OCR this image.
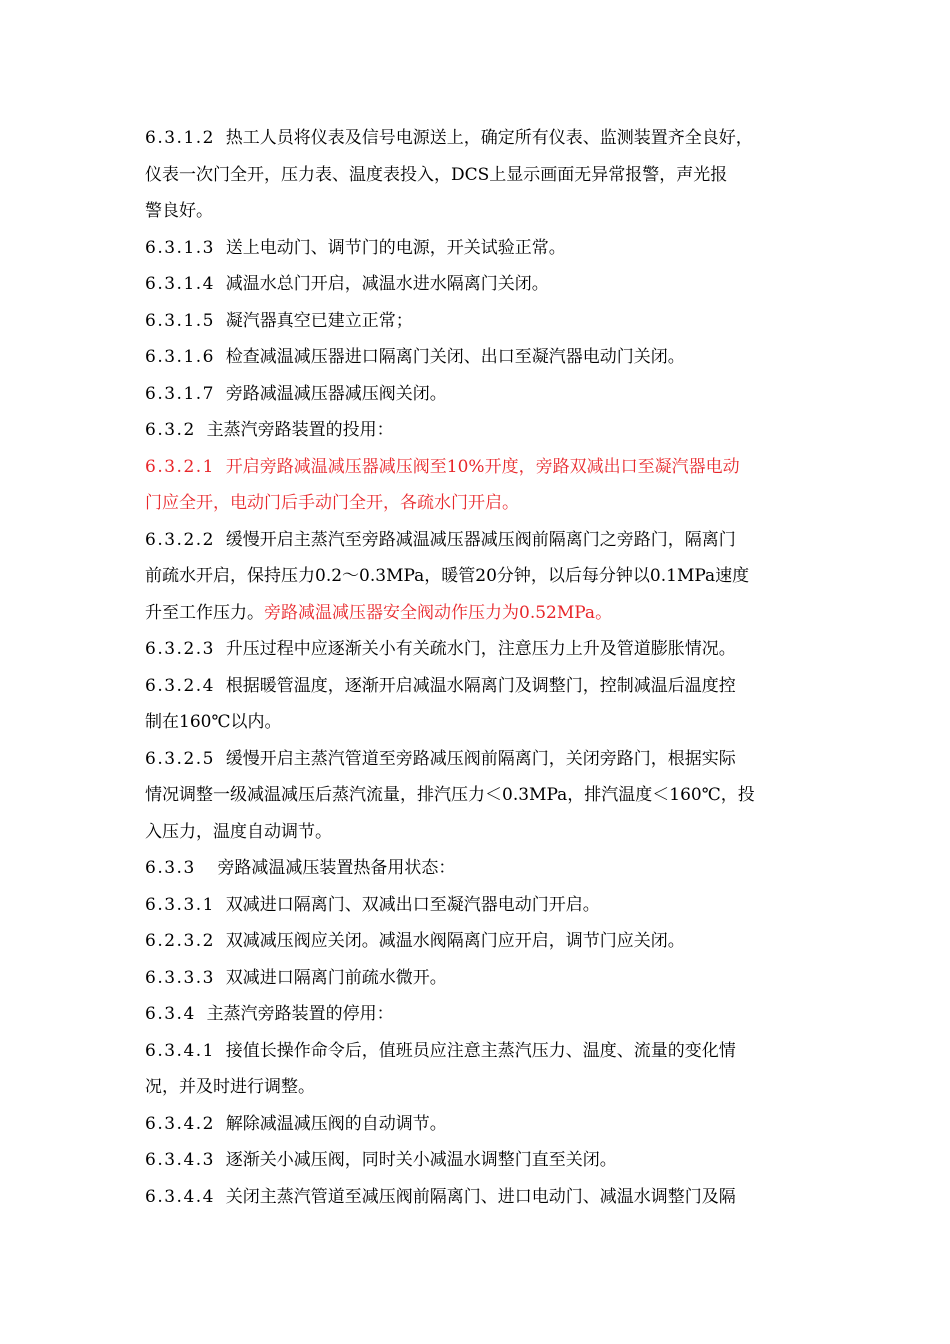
6.3.1.2 热工人员将仪表及信号电源送上，确定所有仪表、监测装置齐全良好，
仪表一次门全开，压力表、温度表投入，DCS上显示画面无异常报警，声光报
警良好。
6.3.1.3 送上电动门、调节门的电源，开关试验正常。
6.3.1.4 减温水总门开启，减温水进水隔离门关闭。
6.3.1.5 凝汽器真空已建立正常；
6.3.1.6 检查减温减压器进口隔离门关闭、出口至凝汽器电动门关闭。
6.3.1.7 旁路减温减压器减压阀关闭。
6.3.2 主蒸汽旁路装置的投用：
6.3.2.1 开启旁路减温减压器减压阀至10%开度，旁路双减出口至凝汽器电动
门应全开，电动门后手动门全开，各疏水门开启。
6.3.2.2 缓慢开启主蒸汽至旁路减温减压器减压阀前隔离门之旁路门，隔离门
前疏水开启，保持压力0.2～0.3MPa，暖管20分钟，以后每分钟以0.1MPa速度
升至工作压力。旁路减温减压器安全阀动作压力为0.52MPa。
6.3.2.3 升压过程中应逐渐关小有关疏水门，注意压力上升及管道膨胀情况。
6.3.2.4 根据暖管温度，逐渐开启减温水隔离门及调整门，控制减温后温度控
制在160℃以内。
6.3.2.5 缓慢开启主蒸汽管道至旁路减压阀前隔离门，关闭旁路门，根据实际
情况调整一级减温减压后蒸汽流量，排汽压力＜0.3MPa，排汽温度＜160℃，投
入压力，温度自动调节。
6.3.3 旁路减温减压装置热备用状态：
6.3.3.1 双减进口隔离门、双减出口至凝汽器电动门开启。
6.2.3.2 双减减压阀应关闭。减温水阀隔离门应开启，调节门应关闭。
6.3.3.3 双减进口隔离门前疏水微开。
6.3.4 主蒸汽旁路装置的停用：
6.3.4.1 接值长操作命令后，值班员应注意主蒸汽压力、温度、流量的变化情
况，并及时进行调整。
6.3.4.2 解除减温减压阀的自动调节。
6.3.4.3 逐渐关小减压阀，同时关小减温水调整门直至关闭。
6.3.4.4 关闭主蒸汽管道至减压阀前隔离门、进口电动门、减温水调整门及隔
